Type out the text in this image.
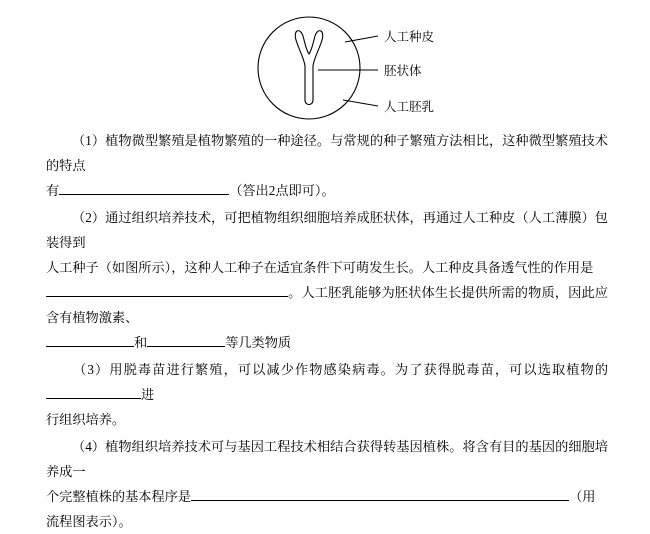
人工种皮
胚状体
人工胚乳

（1）植物微型繁殖是植物繁殖的一种途径。与常规的种子繁殖方法相比，这种微型繁殖技术的特点
有	（答出2点即可）。

（2）通过组织培养技术，可把植物组织细胞培养成胚状体，再通过人工种皮（人工薄膜）包装得到
人工种子（如图所示），这种人工种子在适宜条件下可萌发生长。人工种皮具备透气性的作用是
。人工胚乳能够为胚状体生长提供所需的物质，因此应含有植物激素、
和	等几类物质

（3）用脱毒苗进行繁殖，可以减少作物感染病毒。为了获得脱毒苗，可以选取植物的进
行组织培养。

（4）植物组织培养技术可与基因工程技术相结合获得转基因植株。将含有目的基因的细胞培养成一
个完整植株的基本程序是	（用
流程图表示）。
